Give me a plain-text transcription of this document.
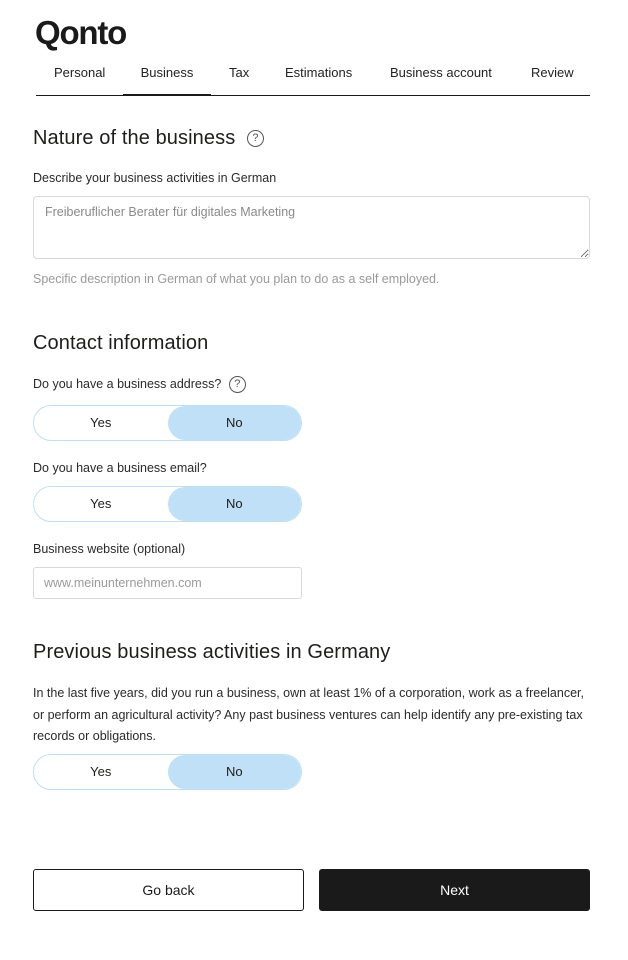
Qonto
Personal	Business	Tax	Estimations	Business account	Review
Nature of the business ?
Describe your business activities in German
Freiberuflicher Berater für digitales Marketing
Specific description in German of what you plan to do as a self employed.
Contact information
Do you have a business address? ?
Yes	No
Do you have a business email?
Yes	No
Business website (optional)
www.meinunternehmen.com
Previous business activities in Germany
In the last five years, did you run a business, own at least 1% of a corporation, work as a freelancer, or perform an agricultural activity? Any past business ventures can help identify any pre-existing tax records or obligations.
Yes	No
Go back	Next
